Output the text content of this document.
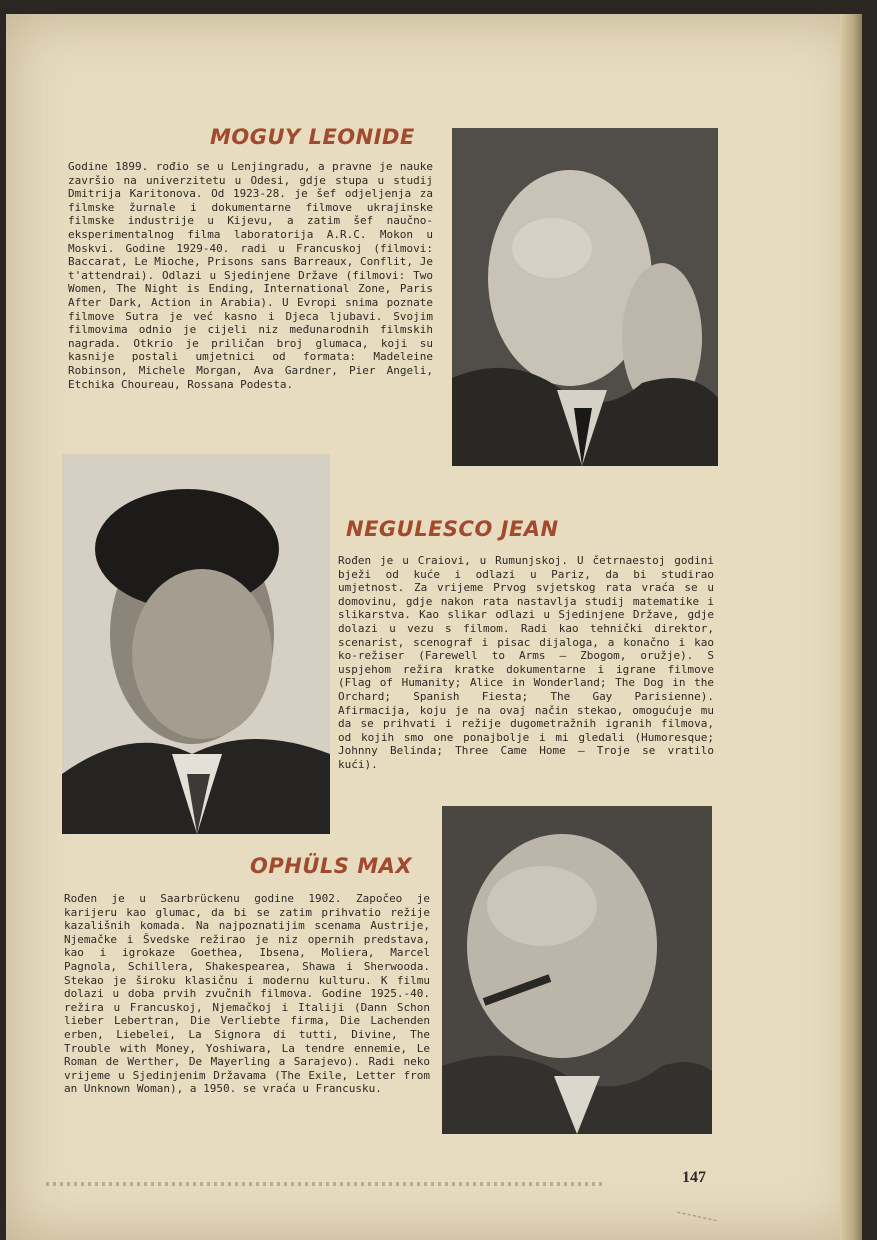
MOGUY LEONIDE

Godine 1899. rođio se u Lenjingradu, a pravne je nauke završio na univerzitetu u Odesi, gdje stupa u studij Dmitrija Karitonova. Od 1923-28. je šef odjeljenja za filmske žurnale i dokumentarne filmove ukrajinske filmske industrije u Kijevu, a zatim šef naučno-eksperimentalnog filma laboratorija A.R.C. Mokon u Moskvi. Godine 1929-40. radi u Francuskoj (filmovi: Baccarat, Le Mioche, Prisons sans Barreaux, Conflit, Je t'attendrai). Odlazi u Sjedinjene Države (filmovi: Two Women, The Night is Ending, International Zone, Paris After Dark, Action in Arabia). U Evropi snima poznate filmove Sutra je već kasno i Djeca ljubavi. Svojim filmovima odnio je cijeli niz međunarodnih filmskih nagrada. Otkrio je priličan broj glumaca, koji su kasnije postali umjetnici od formata: Madeleine Robinson, Michele Morgan, Ava Gardner, Pier Angeli, Etchika Choureau, Rossana Podesta.

NEGULESCO JEAN

Rođen je u Craiovi, u Rumunjskoj. U četrnaestoj godini bježi od kuće i odlazi u Pariz, da bi studirao umjetnost. Za vrijeme Prvog svjetskog rata vraća se u domovinu, gdje nakon rata nastavlja studij matematike i slikarstva. Kao slikar odlazi u Sjedinjene Države, gdje dolazi u vezu s filmom. Radi kao tehnički direktor, scenarist, scenograf i pisac dijaloga, a konačno i kao ko-režiser (Farewell to Arms — Zbogom, oružje). S uspjehom režira kratke dokumentarne i igrane filmove (Flag of Humanity; Alice in Wonderland; The Dog in the Orchard; Spanish Fiesta; The Gay Parisienne). Afirmacija, koju je na ovaj način stekao, omogućuje mu da se prihvati i režije dugometražnih igranih filmova, od kojih smo one ponajbolje i mi gledali (Humoresque; Johnny Belinda; Three Came Home — Troje se vratilo kući).

OPHÜLS MAX

Rođen je u Saarbrückenu godine 1902. Započeo je karijeru kao glumac, da bi se zatim prihvatio režije kazališnih komada. Na najpoznatijim scenama Austrije, Njemačke i Švedske režirao je niz opernih predstava, kao i igrokaze Goethea, Ibsena, Moliera, Marcel Pagnola, Schillera, Shakespearea, Shawa i Sherwooda. Stekao je široku klasičnu i modernu kulturu. K filmu dolazi u doba prvih zvučnih filmova. Godine 1925.-40. režira u Francuskoj, Njemačkoj i Italiji (Dann Schon lieber Lebertran, Die Verliebte firma, Die Lachenden erben, Liebelei, La Signora di tutti, Divine, The Trouble with Money, Yoshiwara, La tendre ennemie, Le Roman de Werther, De Mayerling a Sarajevo). Radi neko vrijeme u Sjedinjenim Državama (The Exile, Letter from an Unknown Woman), a 1950. se vraća u Francusku.

147
